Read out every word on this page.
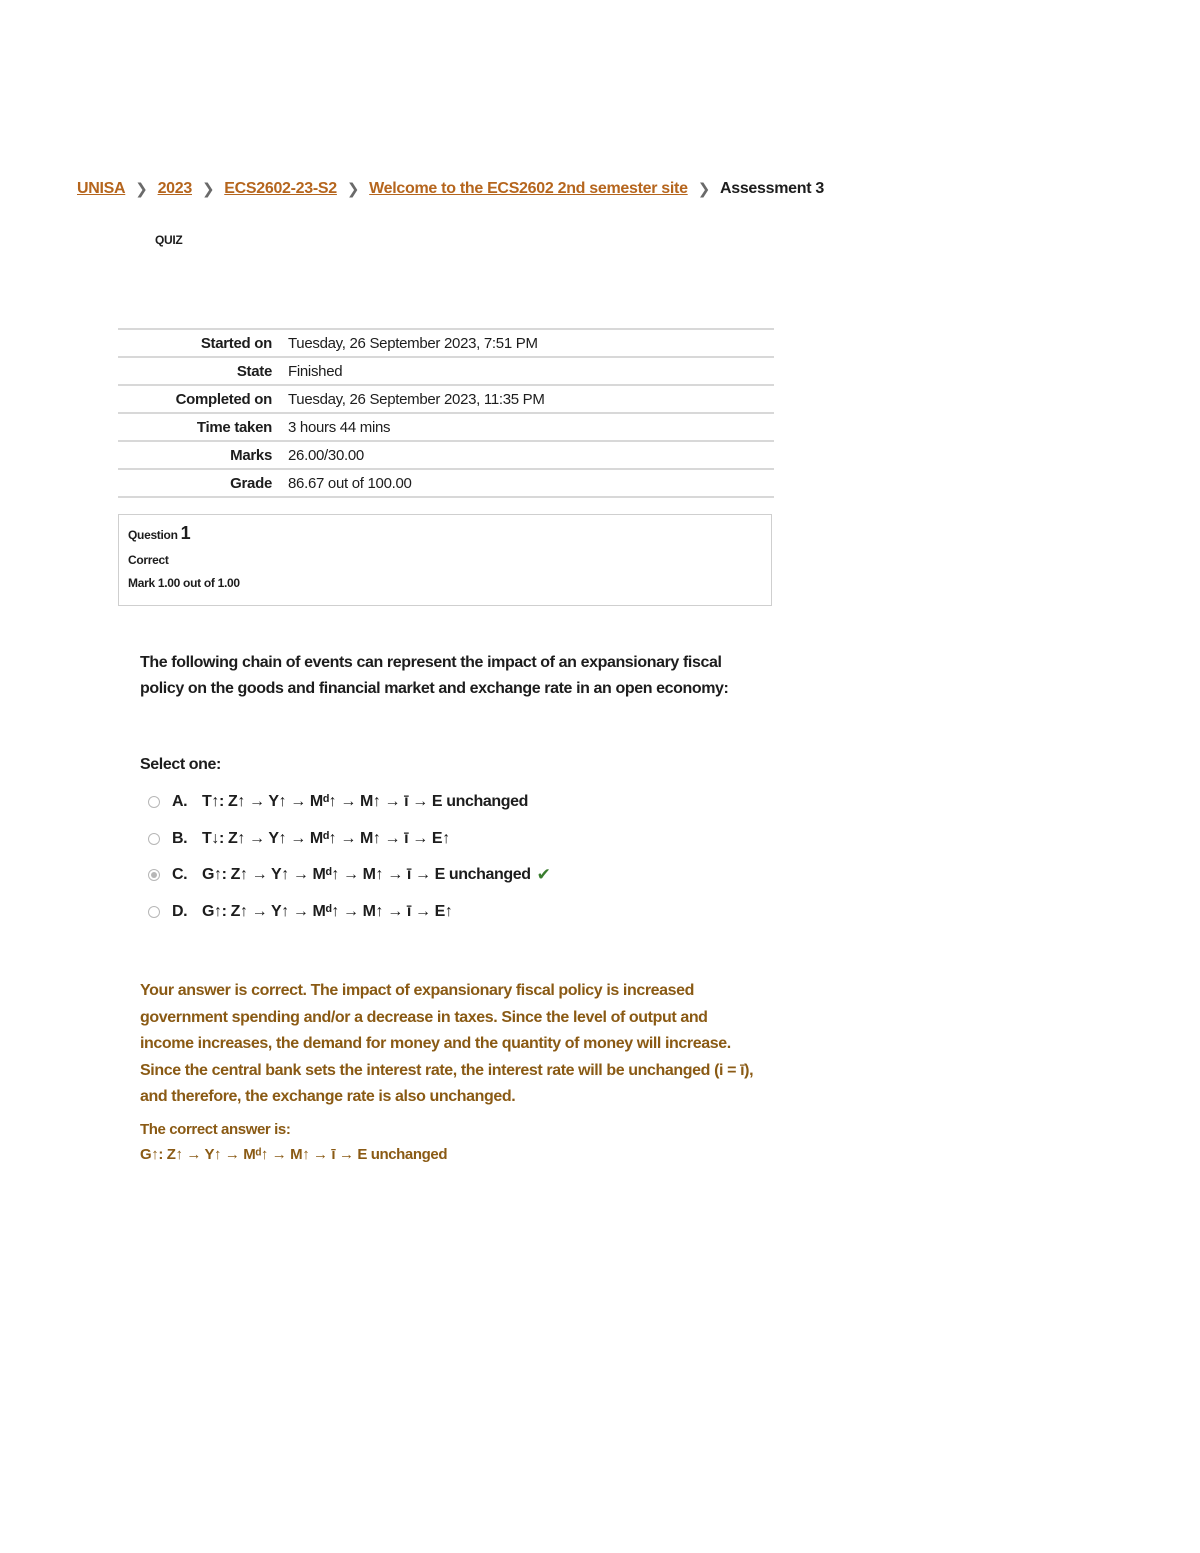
UNISA ❯ 2023 ❯ ECS2602-23-S2 ❯ Welcome to the ECS2602 2nd semester site ❯ Assessment 3
QUIZ
Started on	Tuesday, 26 September 2023, 7:51 PM
State	Finished
Completed on	Tuesday, 26 September 2023, 11:35 PM
Time taken	3 hours 44 mins
Marks	26.00/30.00
Grade	86.67 out of 100.00
Question 1
Correct
Mark 1.00 out of 1.00
The following chain of events can represent the impact of an expansionary fiscal policy on the goods and financial market and exchange rate in an open economy:
Select one:
A. T↑: Z↑ → Y↑ → Mᵈ↑ → M↑ → ī → E unchanged
B. T↓: Z↑ → Y↑ → Mᵈ↑ → M↑ → ī → E↑
C. G↑: Z↑ → Y↑ → Mᵈ↑ → M↑ → ī → E unchanged ✔
D. G↑: Z↑ → Y↑ → Mᵈ↑ → M↑ → ī → E↑
Your answer is correct. The impact of expansionary fiscal policy is increased government spending and/or a decrease in taxes. Since the level of output and income increases, the demand for money and the quantity of money will increase. Since the central bank sets the interest rate, the interest rate will be unchanged (i = ī), and therefore, the exchange rate is also unchanged.
The correct answer is:
G↑: Z↑ → Y↑ → Mᵈ↑ → M↑ → ī → E unchanged
